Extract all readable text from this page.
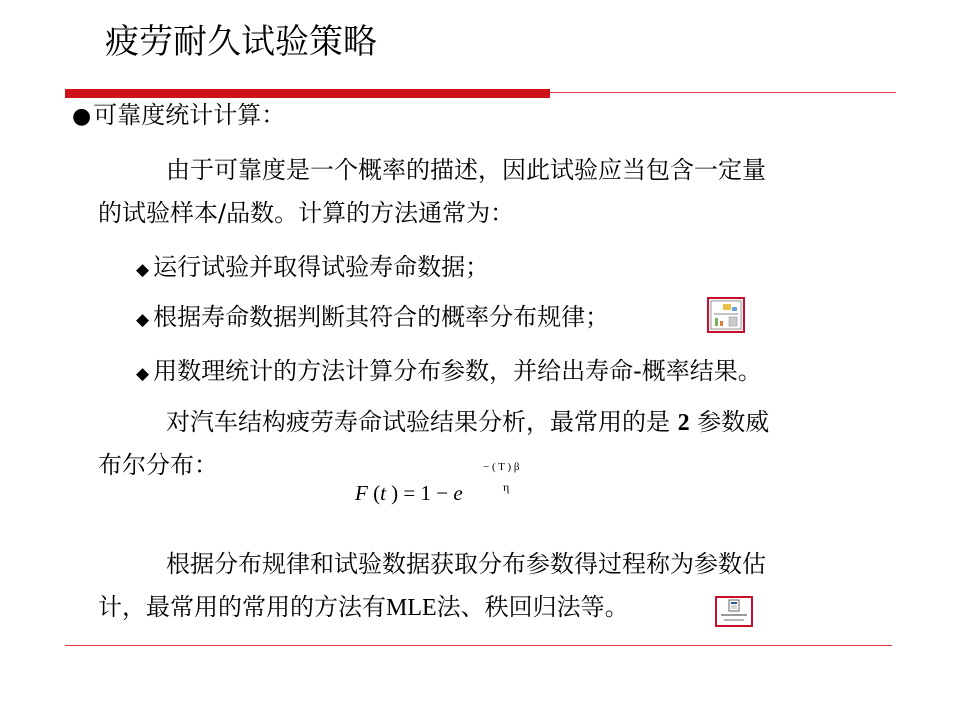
疲劳耐久试验策略
●可靠度统计计算：
由于可靠度是一个概率的描述，因此试验应当包含一定量
的试验样本/品数。计算的方法通常为：
◆ 运行试验并取得试验寿命数据；
◆ 根据寿命数据判断其符合的概率分布规律；
◆ 用数理统计的方法计算分布参数，并给出寿命-概率结果。
对汽车结构疲劳寿命试验结果分析，最常用的是 2 参数威
布尔分布：
F (t ) = 1 − e
− ( T ) β
η
根据分布规律和试验数据获取分布参数得过程称为参数估
计，最常用的常用的方法有MLE法、秩回归法等。
